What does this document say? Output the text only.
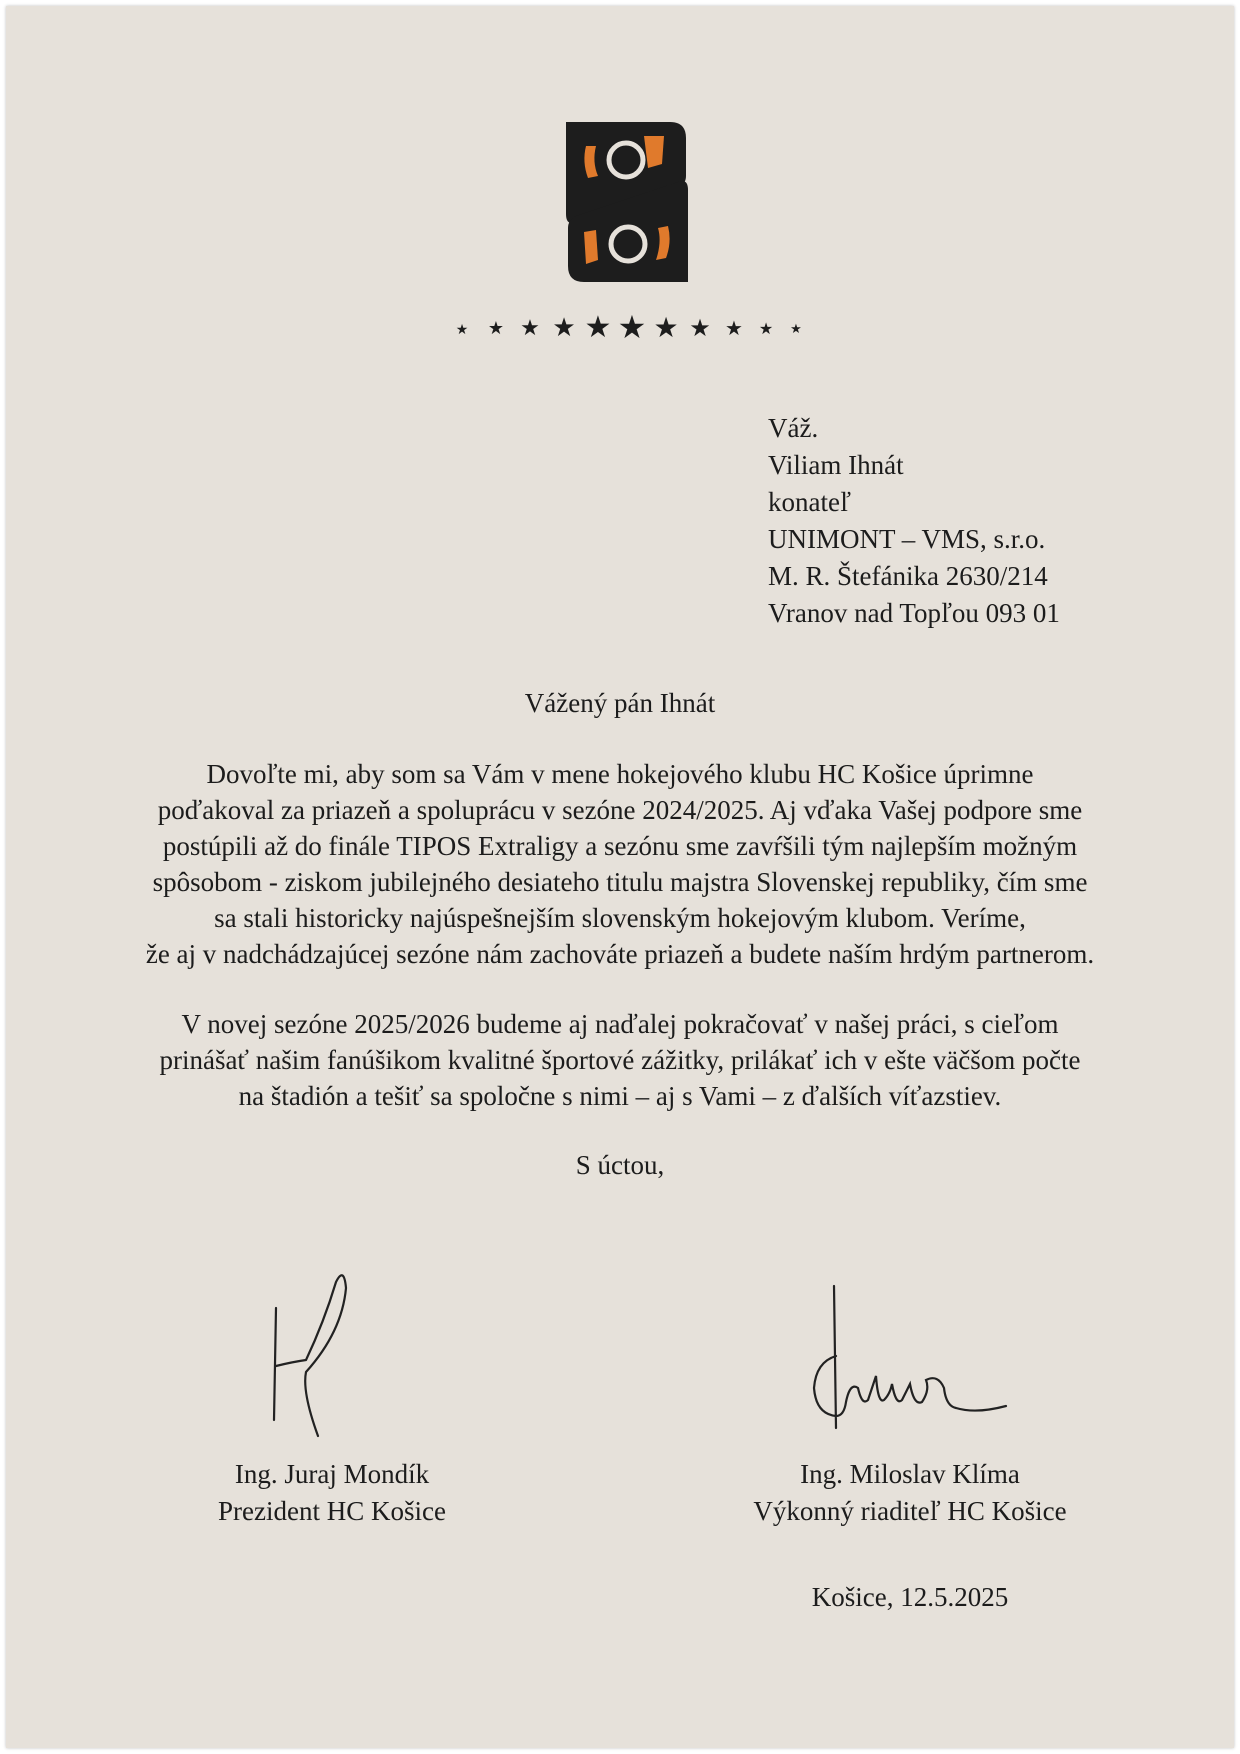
★ ★ ★ ★ ★ ★ ★ ★ ★ ★ ★
Váž.
Viliam Ihnát
konateľ
UNIMONT – VMS, s.r.o.
M. R. Štefánika 2630/214
Vranov nad Topľou 093 01
Vážený pán Ihnát
Dovoľte mi, aby som sa Vám v mene hokejového klubu HC Košice úprimne
poďakoval za priazeň a spoluprácu v sezóne 2024/2025. Aj vďaka Vašej podpore sme
postúpili až do finále TIPOS Extraligy a sezónu sme zavŕšili tým najlepším možným
spôsobom - ziskom jubilejného desiateho titulu majstra Slovenskej republiky, čím sme
sa stali historicky najúspešnejším slovenským hokejovým klubom. Veríme,
že aj v nadchádzajúcej sezóne nám zachováte priazeň a budete naším hrdým partnerom.
V novej sezóne 2025/2026 budeme aj naďalej pokračovať v našej práci, s cieľom
prinášať našim fanúšikom kvalitné športové zážitky, prilákať ich v ešte väčšom počte
na štadión a tešiť sa spoločne s nimi – aj s Vami – z ďalších víťazstiev.
S úctou,
Ing. Juraj Mondík
Prezident HC Košice
Ing. Miloslav Klíma
Výkonný riaditeľ HC Košice
Košice, 12.5.2025
